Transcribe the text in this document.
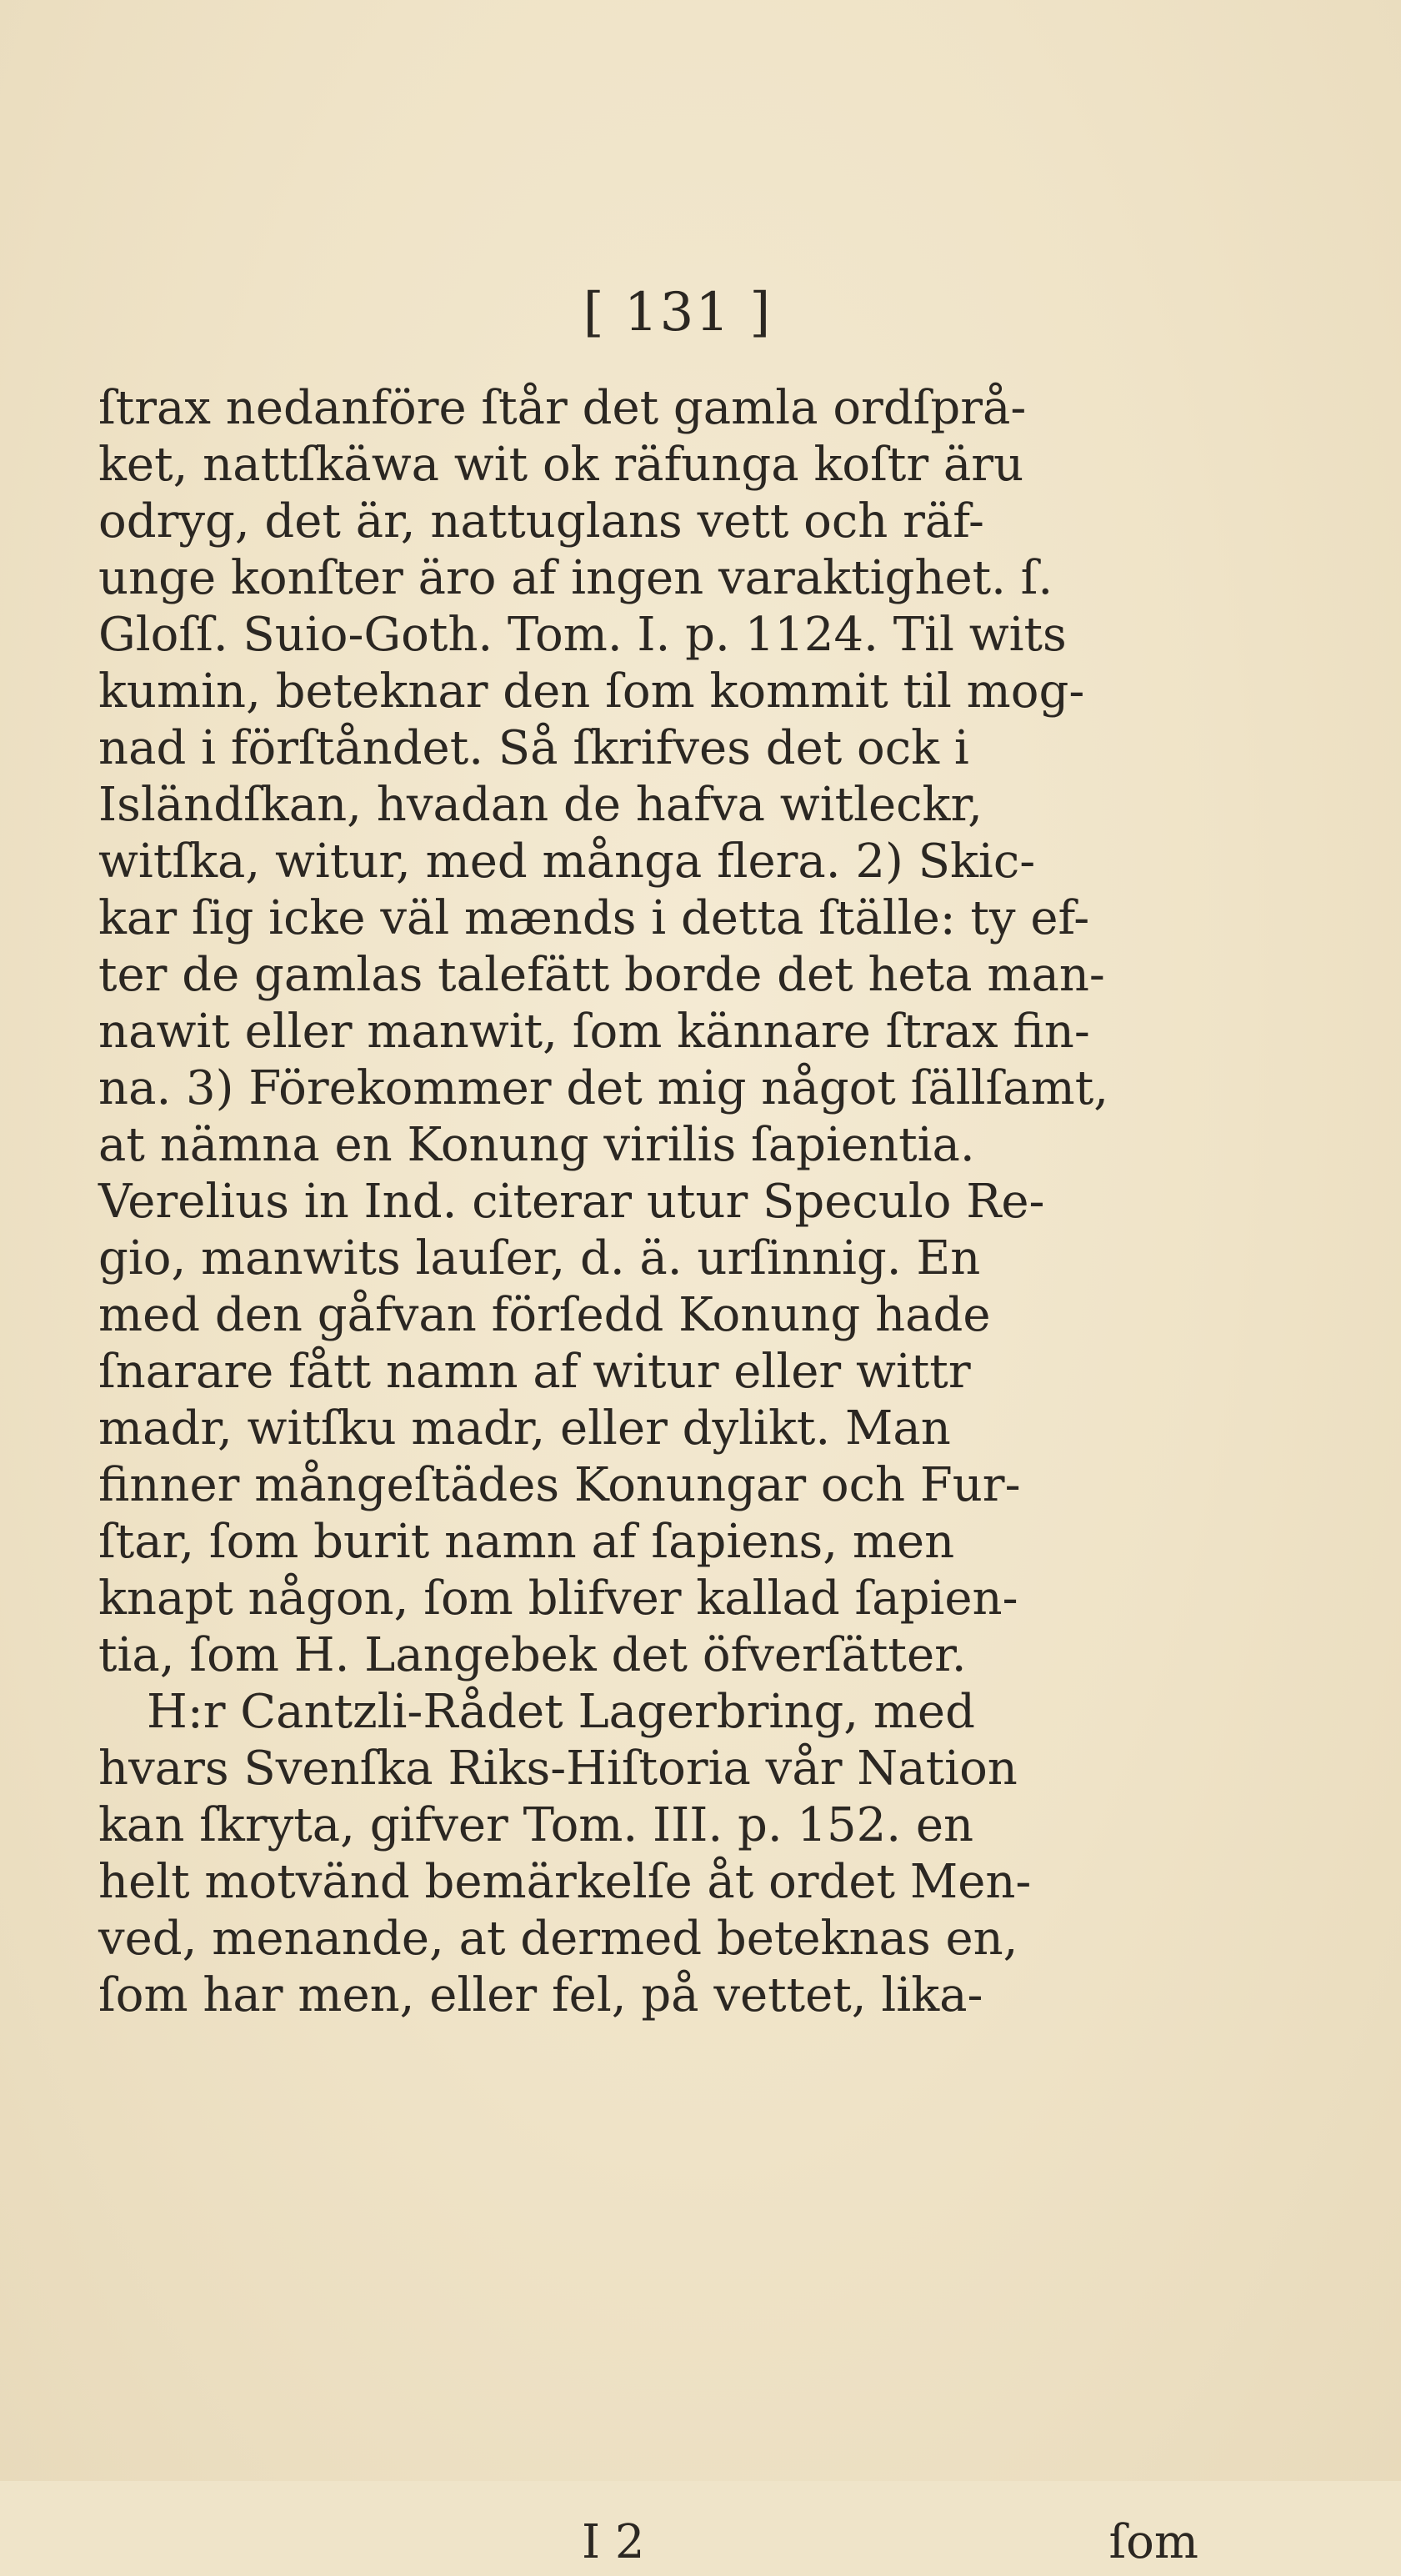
[ 131 ]
ſtrax nedanföre ſtår det gamla ordſprå-
ket, nattſkäwa wit ok räfunga koſtr äru
odryg, det är, nattuglans vett och räf-
unge konſter äro af ingen varaktighet. ſ.
Gloſſ. Suio-Goth. Tom. I. p. 1124. Til wits
kumin, beteknar den ſom kommit til mog-
nad i förſtåndet. Så ſkrifves det ock i
Isländſkan, hvadan de hafva witleckr,
witſka, witur, med många flera. 2) Skic-
kar ſig icke väl mænds i detta ſtälle: ty ef-
ter de gamlas talefätt borde det heta man-
nawit eller manwit, ſom kännare ſtrax fin-
na. 3) Förekommer det mig något ſällſamt,
at nämna en Konung virilis ſapientia.
Verelius in Ind. citerar utur Speculo Re-
gio, manwits lauſer, d. ä. urſinnig. En
med den gåfvan förſedd Konung hade
ſnarare fått namn af witur eller wittr
madr, witſku madr, eller dylikt. Man
finner mångeſtädes Konungar och Fur-
ſtar, ſom burit namn af ſapiens, men
knapt någon, ſom blifver kallad ſapien-
tia, ſom H. Langebek det öfverſätter.
H:r Cantzli-Rådet Lagerbring, med
hvars Svenſka Riks-Hiſtoria vår Nation
kan ſkryta, gifver Tom. III. p. 152. en
helt motvänd bemärkelſe åt ordet Men-
ved, menande, at dermed beteknas en,
ſom har men, eller fel, på vettet, lika-
I 2	ſom
